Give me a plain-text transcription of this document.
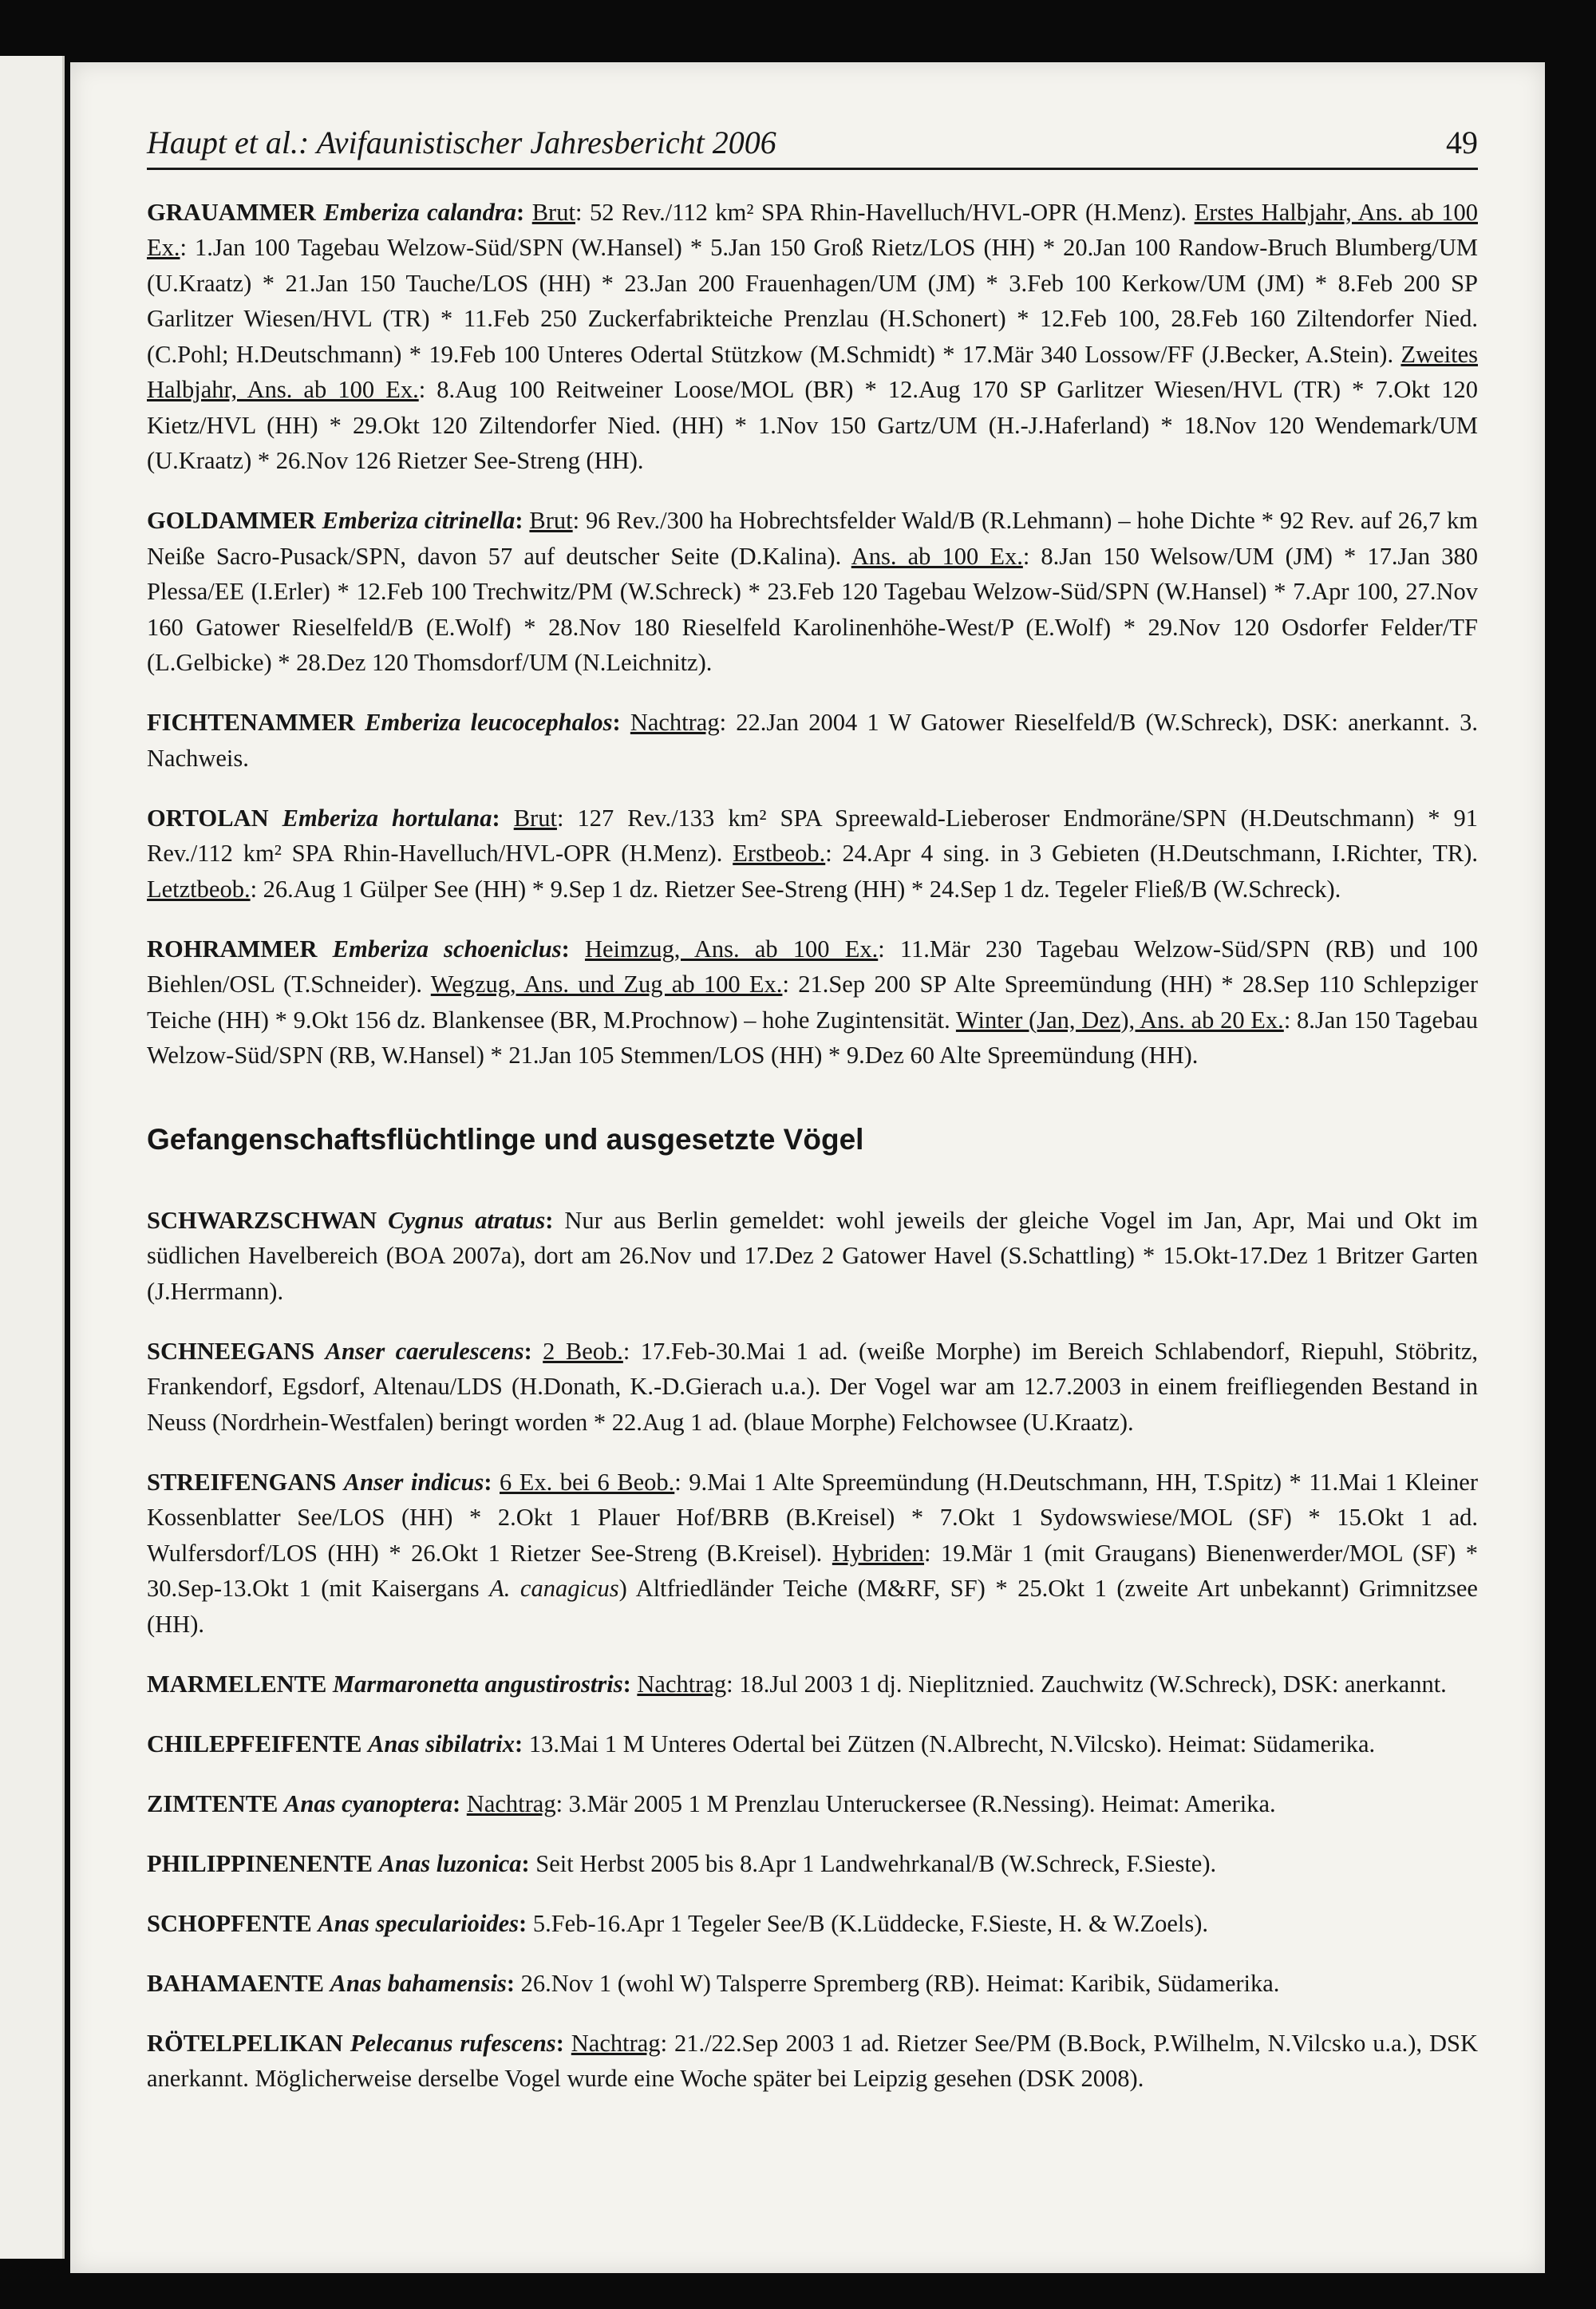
Haupt et al.: Avifaunistischer Jahresbericht 2006	49

GRAUAMMER Emberiza calandra: Brut: 52 Rev./112 km² SPA Rhin-Havelluch/HVL-OPR (H.Menz). Erstes Halbjahr, Ans. ab 100 Ex.: 1.Jan 100 Tagebau Welzow-Süd/SPN (W.Hansel) * 5.Jan 150 Groß Rietz/LOS (HH) * 20.Jan 100 Randow-Bruch Blumberg/UM (U.Kraatz) * 21.Jan 150 Tauche/LOS (HH) * 23.Jan 200 Frauenhagen/UM (JM) * 3.Feb 100 Kerkow/UM (JM) * 8.Feb 200 SP Garlitzer Wiesen/HVL (TR) * 11.Feb 250 Zuckerfabrikteiche Prenzlau (H.Schonert) * 12.Feb 100, 28.Feb 160 Ziltendorfer Nied. (C.Pohl; H.Deutschmann) * 19.Feb 100 Unteres Odertal Stützkow (M.Schmidt) * 17.Mär 340 Lossow/FF (J.Becker, A.Stein). Zweites Halbjahr, Ans. ab 100 Ex.: 8.Aug 100 Reitweiner Loose/MOL (BR) * 12.Aug 170 SP Garlitzer Wiesen/HVL (TR) * 7.Okt 120 Kietz/HVL (HH) * 29.Okt 120 Ziltendorfer Nied. (HH) * 1.Nov 150 Gartz/UM (H.-J.Haferland) * 18.Nov 120 Wendemark/UM (U.Kraatz) * 26.Nov 126 Rietzer See-Streng (HH).

GOLDAMMER Emberiza citrinella: Brut: 96 Rev./300 ha Hobrechtsfelder Wald/B (R.Lehmann) – hohe Dichte * 92 Rev. auf 26,7 km Neiße Sacro-Pusack/SPN, davon 57 auf deutscher Seite (D.Kalina). Ans. ab 100 Ex.: 8.Jan 150 Welsow/UM (JM) * 17.Jan 380 Plessa/EE (I.Erler) * 12.Feb 100 Trechwitz/PM (W.Schreck) * 23.Feb 120 Tagebau Welzow-Süd/SPN (W.Hansel) * 7.Apr 100, 27.Nov 160 Gatower Rieselfeld/B (E.Wolf) * 28.Nov 180 Rieselfeld Karolinenhöhe-West/P (E.Wolf) * 29.Nov 120 Osdorfer Felder/TF (L.Gelbicke) * 28.Dez 120 Thomsdorf/UM (N.Leichnitz).

FICHTENAMMER Emberiza leucocephalos: Nachtrag: 22.Jan 2004 1 W Gatower Rieselfeld/B (W.Schreck), DSK: anerkannt. 3. Nachweis.

ORTOLAN Emberiza hortulana: Brut: 127 Rev./133 km² SPA Spreewald-Lieberoser Endmoräne/SPN (H.Deutschmann) * 91 Rev./112 km² SPA Rhin-Havelluch/HVL-OPR (H.Menz). Erstbeob.: 24.Apr 4 sing. in 3 Gebieten (H.Deutschmann, I.Richter, TR). Letztbeob.: 26.Aug 1 Gülper See (HH) * 9.Sep 1 dz. Rietzer See-Streng (HH) * 24.Sep 1 dz. Tegeler Fließ/B (W.Schreck).

ROHRAMMER Emberiza schoeniclus: Heimzug, Ans. ab 100 Ex.: 11.Mär 230 Tagebau Welzow-Süd/SPN (RB) und 100 Biehlen/OSL (T.Schneider). Wegzug, Ans. und Zug ab 100 Ex.: 21.Sep 200 SP Alte Spreemündung (HH) * 28.Sep 110 Schlepziger Teiche (HH) * 9.Okt 156 dz. Blankensee (BR, M.Prochnow) – hohe Zugintensität. Winter (Jan, Dez), Ans. ab 20 Ex.: 8.Jan 150 Tagebau Welzow-Süd/SPN (RB, W.Hansel) * 21.Jan 105 Stemmen/LOS (HH) * 9.Dez 60 Alte Spreemündung (HH).

Gefangenschaftsflüchtlinge und ausgesetzte Vögel

SCHWARZSCHWAN Cygnus atratus: Nur aus Berlin gemeldet: wohl jeweils der gleiche Vogel im Jan, Apr, Mai und Okt im südlichen Havelbereich (BOA 2007a), dort am 26.Nov und 17.Dez 2 Gatower Havel (S.Schattling) * 15.Okt-17.Dez 1 Britzer Garten (J.Herrmann).

SCHNEEGANS Anser caerulescens: 2 Beob.: 17.Feb-30.Mai 1 ad. (weiße Morphe) im Bereich Schlabendorf, Riepuhl, Stöbritz, Frankendorf, Egsdorf, Altenau/LDS (H.Donath, K.-D.Gierach u.a.). Der Vogel war am 12.7.2003 in einem freifliegenden Bestand in Neuss (Nordrhein-Westfalen) beringt worden * 22.Aug 1 ad. (blaue Morphe) Felchowsee (U.Kraatz).

STREIFENGANS Anser indicus: 6 Ex. bei 6 Beob.: 9.Mai 1 Alte Spreemündung (H.Deutschmann, HH, T.Spitz) * 11.Mai 1 Kleiner Kossenblatter See/LOS (HH) * 2.Okt 1 Plauer Hof/BRB (B.Kreisel) * 7.Okt 1 Sydowswiese/MOL (SF) * 15.Okt 1 ad. Wulfersdorf/LOS (HH) * 26.Okt 1 Rietzer See-Streng (B.Kreisel). Hybriden: 19.Mär 1 (mit Graugans) Bienenwerder/MOL (SF) * 30.Sep-13.Okt 1 (mit Kaisergans A. canagicus) Altfriedländer Teiche (M&RF, SF) * 25.Okt 1 (zweite Art unbekannt) Grimnitzsee (HH).

MARMELENTE Marmaronetta angustirostris: Nachtrag: 18.Jul 2003 1 dj. Nieplitznied. Zauchwitz (W.Schreck), DSK: anerkannt.

CHILEPFEIFENTE Anas sibilatrix: 13.Mai 1 M Unteres Odertal bei Zützen (N.Albrecht, N.Vilcsko). Heimat: Südamerika.

ZIMTENTE Anas cyanoptera: Nachtrag: 3.Mär 2005 1 M Prenzlau Unteruckersee (R.Nessing). Heimat: Amerika.

PHILIPPINENENTE Anas luzonica: Seit Herbst 2005 bis 8.Apr 1 Landwehrkanal/B (W.Schreck, F.Sieste).

SCHOPFENTE Anas specularioides: 5.Feb-16.Apr 1 Tegeler See/B (K.Lüddecke, F.Sieste, H. & W.Zoels).

BAHAMAENTE Anas bahamensis: 26.Nov 1 (wohl W) Talsperre Spremberg (RB). Heimat: Karibik, Südamerika.

RÖTELPELIKAN Pelecanus rufescens: Nachtrag: 21./22.Sep 2003 1 ad. Rietzer See/PM (B.Bock, P.Wilhelm, N.Vilcsko u.a.), DSK anerkannt. Möglicherweise derselbe Vogel wurde eine Woche später bei Leipzig gesehen (DSK 2008).
